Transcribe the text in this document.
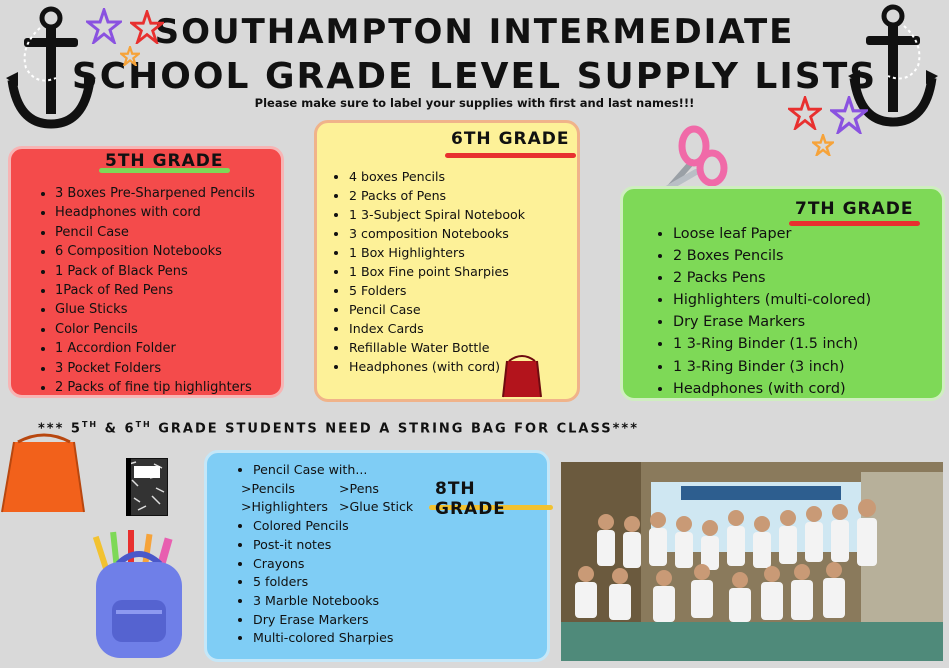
SOUTHAMPTON INTERMEDIATE
SCHOOL GRADE LEVEL SUPPLY LISTS
Please make sure to label your supplies with first and last names!!!
5TH GRADE
• 3 Boxes Pre-Sharpened Pencils
• Headphones with cord
• Pencil Case
• 6 Composition Notebooks
• 1 Pack of Black Pens
• 1Pack of Red Pens
• Glue Sticks
• Color Pencils
• 1 Accordion Folder
• 3 Pocket Folders
• 2 Packs of fine tip highlighters
6TH GRADE
• 4 boxes Pencils
• 2 Packs of Pens
• 1 3-Subject Spiral Notebook
• 3 composition Notebooks
• 1 Box Highlighters
• 1 Box Fine point Sharpies
• 5 Folders
• Pencil Case
• Index Cards
• Refillable Water Bottle
• Headphones (with cord)
7TH GRADE
• Loose leaf Paper
• 2 Boxes Pencils
• 2 Packs Pens
• Highlighters (multi-colored)
• Dry Erase Markers
• 1 3-Ring Binder (1.5 inch)
• 1 3-Ring Binder (3 inch)
• Headphones (with cord)
*** 5TH & 6TH GRADE STUDENTS NEED A STRING BAG FOR CLASS***
8TH GRADE
• Pencil Case with...
>Pencils	>Pens
>Highlighters >Glue Stick
• Colored Pencils
• Post-it notes
• Crayons
• 5 folders
• 3 Marble Notebooks
• Dry Erase Markers
• Multi-colored Sharpies
